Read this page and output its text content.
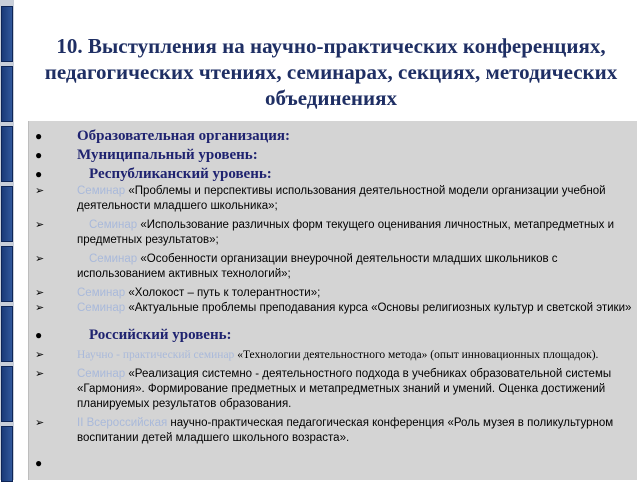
10. Выступления на научно-практических конференциях, педагогических чтениях, семинарах, секциях, методических объединениях
● Образовательная организация:
● Муниципальный уровень:
●	Республиканский уровень:
➢	Семинар «Проблемы и перспективы использования деятельностной модели организации учебной деятельности младшего школьника»;
➢	Семинар «Использование различных форм текущего оценивания личностных, метапредметных и предметных результатов»;
➢	Семинар «Особенности организации внеурочной деятельности младших школьников с использованием активных технологий»;
➢	Семинар «Холокост – путь к толерантности»;
➢	Семинар «Актуальные проблемы преподавания курса «Основы религиозных культур и светской этики»
●	Российский уровень:
➢	Научно - практический семинар «Технологии деятельностного метода» (опыт инновационных площадок).
➢	Семинар «Реализация системно - деятельностного подхода в учебниках образовательной системы «Гармония». Формирование предметных и метапредметных знаний и умений. Оценка достижений планируемых результатов образования.
➢	II Всероссийская научно-практическая педагогическая конференция «Роль музея в поликультурном воспитании детей младшего школьного возраста».
●
